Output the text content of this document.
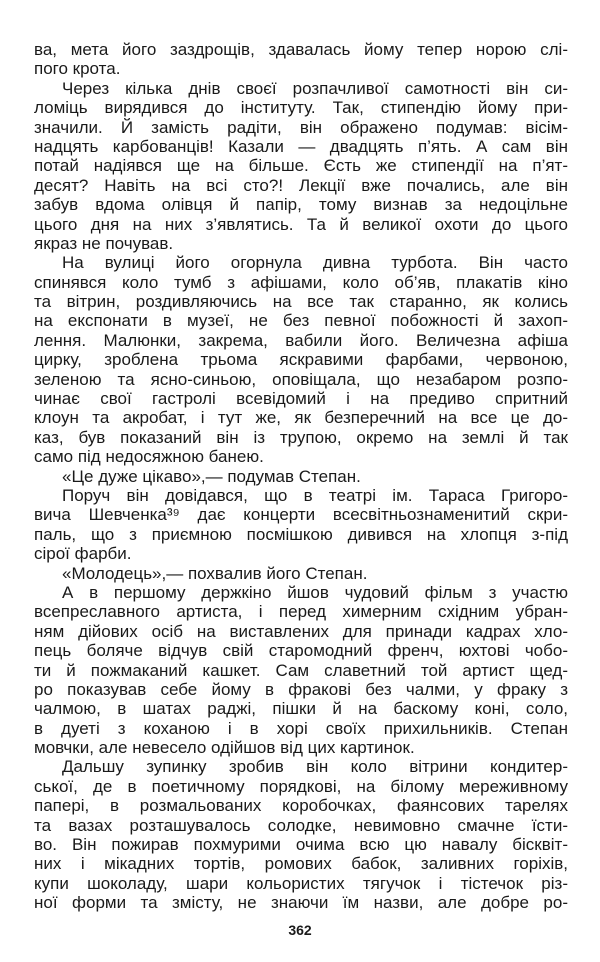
ва, мета його заздрощів, здавалась йому тепер норою слі-
пого крота.
Через кілька днів своєї розпачливої самотності він си-
ломіць вирядився до інституту. Так, стипендію йому при-
значили. Й замість радіти, він ображено подумав: вісім-
надцять карбованців! Казали — двадцять п’ять. А сам він
потай надіявся ще на більше. Єсть же стипендії на п’ят-
десят? Навіть на всі сто?! Лекції вже почались, але він
забув вдома олівця й папір, тому визнав за недоцільне
цього дня на них з’являтись. Та й великої охоти до цього
якраз не почував.
На вулиці його огорнула дивна турбота. Він часто
спинявся коло тумб з афішами, коло об’яв, плакатів кіно
та вітрин, роздивляючись на все так старанно, як колись
на експонати в музеї, не без певної побожності й захоп-
лення. Малюнки, закрема, вабили його. Величезна афіша
цирку, зроблена трьома яскравими фарбами, червоною,
зеленою та ясно-синьою, оповіщала, що незабаром розпо-
чинає свої гастролі всевідомий і на предиво спритний
клоун та акробат, і тут же, як безперечний на все це до-
каз, був показаний він із трупою, окремо на землі й так
само під недосяжною банею.
«Це дуже цікаво»,— подумав Степан.
Поруч він довідався, що в театрі ім. Тараса Григоро-
вича Шевченка³⁹ дає концерти всесвітньознаменитий скри-
паль, що з приємною посмішкою дивився на хлопця з-під
сірої фарби.
«Молодець»,— похвалив його Степан.
А в першому держкіно йшов чудовий фільм з участю
всепреславного артиста, і перед химерним східним убран-
ням дійових осіб на виставлених для принади кадрах хло-
пець боляче відчув свій старомодний френч, юхтові чобо-
ти й пожмаканий кашкет. Сам славетний той артист щед-
ро показував себе йому в фракові без чалми, у фраку з
чалмою, в шатах раджі, пішки й на баскому коні, соло,
в дуеті з коханою і в хорі своїх прихильників. Степан
мовчки, але невесело одійшов від цих картинок.
Дальшу зупинку зробив він коло вітрини кондитер-
ської, де в поетичному порядкові, на білому мереживному
папері, в розмальованих коробочках, фаянсових тарелях
та вазах розташувалось солодке, невимовно смачне їсти-
во. Він пожирав похмурими очима всю цю навалу бісквіт-
них і мікадних тортів, ромових бабок, заливних горіхів,
купи шоколаду, шари кольористих тягучок і тістечок різ-
ної форми та змісту, не знаючи їм назви, але добре ро-
362
